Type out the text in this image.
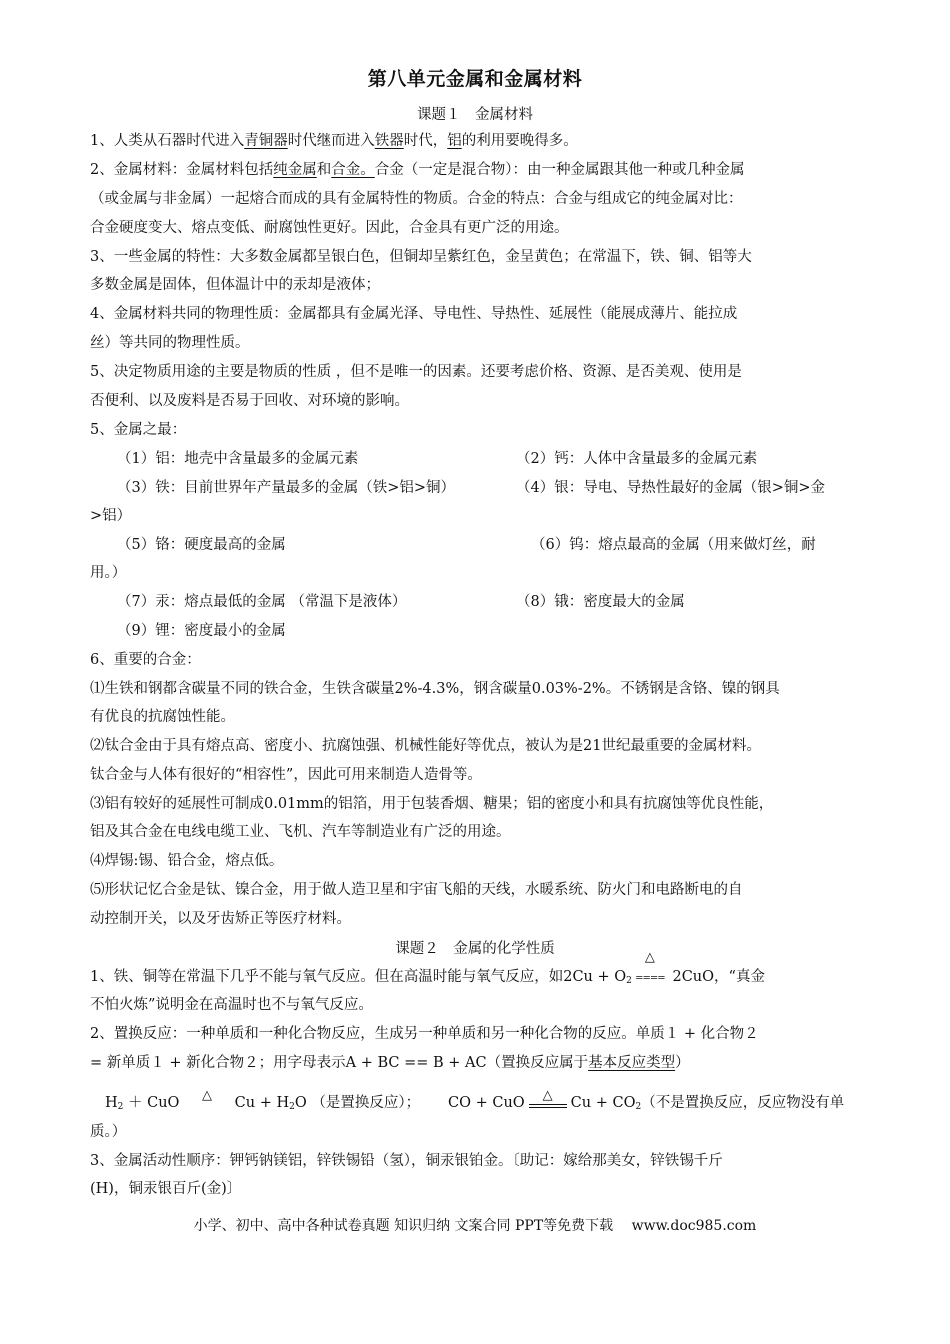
第八单元金属和金属材料
课题１　金属材料
1、人类从石器时代进入青铜器时代继而进入铁器时代，铝的利用要晚得多。
2、金属材料：金属材料包括纯金属和合金。合金（一定是混合物）：由一种金属跟其他一种或几种金属
（或金属与非金属）一起熔合而成的具有金属特性的物质。合金的特点：合金与组成它的纯金属对比：
合金硬度变大、熔点变低、耐腐蚀性更好。因此，合金具有更广泛的用途。
3、一些金属的特性：大多数金属都呈银白色，但铜却呈紫红色，金呈黄色；在常温下，铁、铜、铝等大
多数金属是固体，但体温计中的汞却是液体；
4、金属材料共同的物理性质：金属都具有金属光泽、导电性、导热性、延展性（能展成薄片、能拉成
丝）等共同的物理性质。
5、决定物质用途的主要是物质的性质 ，但不是唯一的因素。还要考虑价格、资源、是否美观、使用是
否便利、以及废料是否易于回收、对环境的影响。
5、金属之最：
（1）铝：地壳中含量最多的金属元素	（2）钙：人体中含量最多的金属元素
（3）铁：目前世界年产量最多的金属（铁>铝>铜）	（4）银：导电、导热性最好的金属（银>铜>金
>铝）
（5）铬：硬度最高的金属	（6）钨：熔点最高的金属（用来做灯丝，耐
用。）
（7）汞：熔点最低的金属 （常温下是液体）	（8）锇：密度最大的金属
（9）锂：密度最小的金属
6、重要的合金：
⑴生铁和钢都含碳量不同的铁合金，生铁含碳量2%-4.3%，钢含碳量0.03%-2%。不锈钢是含铬、镍的钢具
有优良的抗腐蚀性能。
⑵钛合金由于具有熔点高、密度小、抗腐蚀强、机械性能好等优点，被认为是21世纪最重要的金属材料。
钛合金与人体有很好的“相容性”，因此可用来制造人造骨等。
⑶铝有较好的延展性可制成0.01mm的铝箔，用于包装香烟、糖果；铝的密度小和具有抗腐蚀等优良性能，
铝及其合金在电线电缆工业、飞机、汽车等制造业有广泛的用途。
⑷焊锡:锡、铅合金，熔点低。
⑸形状记忆合金是钛、镍合金，用于做人造卫星和宇宙飞船的天线，水暖系统、防火门和电路断电的自
动控制开关，以及牙齿矫正等医疗材料。
课题２　金属的化学性质
1、铁、铜等在常温下几乎不能与氧气反应。但在高温时能与氧气反应，如$2Cu + O_2$
△
==== 2CuO，“真金
不怕火炼”说明金在高温时也不与氧气反应。
2、置换反应：一种单质和一种化合物反应，生成另一种单质和另一种化合物的反应。单质１ + 化合物２
= 新单质１ + 新化合物２；用字母表示A + BC == B + AC（置换反应属于基本反应类型）
$H_2$ ＋ CuO	△	$Cu + H_2O$ （是置换反应）； CO + CuO	△	$Cu + CO_2$（不是置换反应，反应物没有单
质。）
3、金属活动性顺序：钾钙钠镁铝，锌铁锡铅（氢），铜汞银铂金。〔助记：嫁给那美女，锌铁锡千斤
(H)，铜汞银百斤(金)〕
小学、初中、高中各种试卷真题 知识归纳 文案合同 PPT等免费下载　 www.doc985.com
